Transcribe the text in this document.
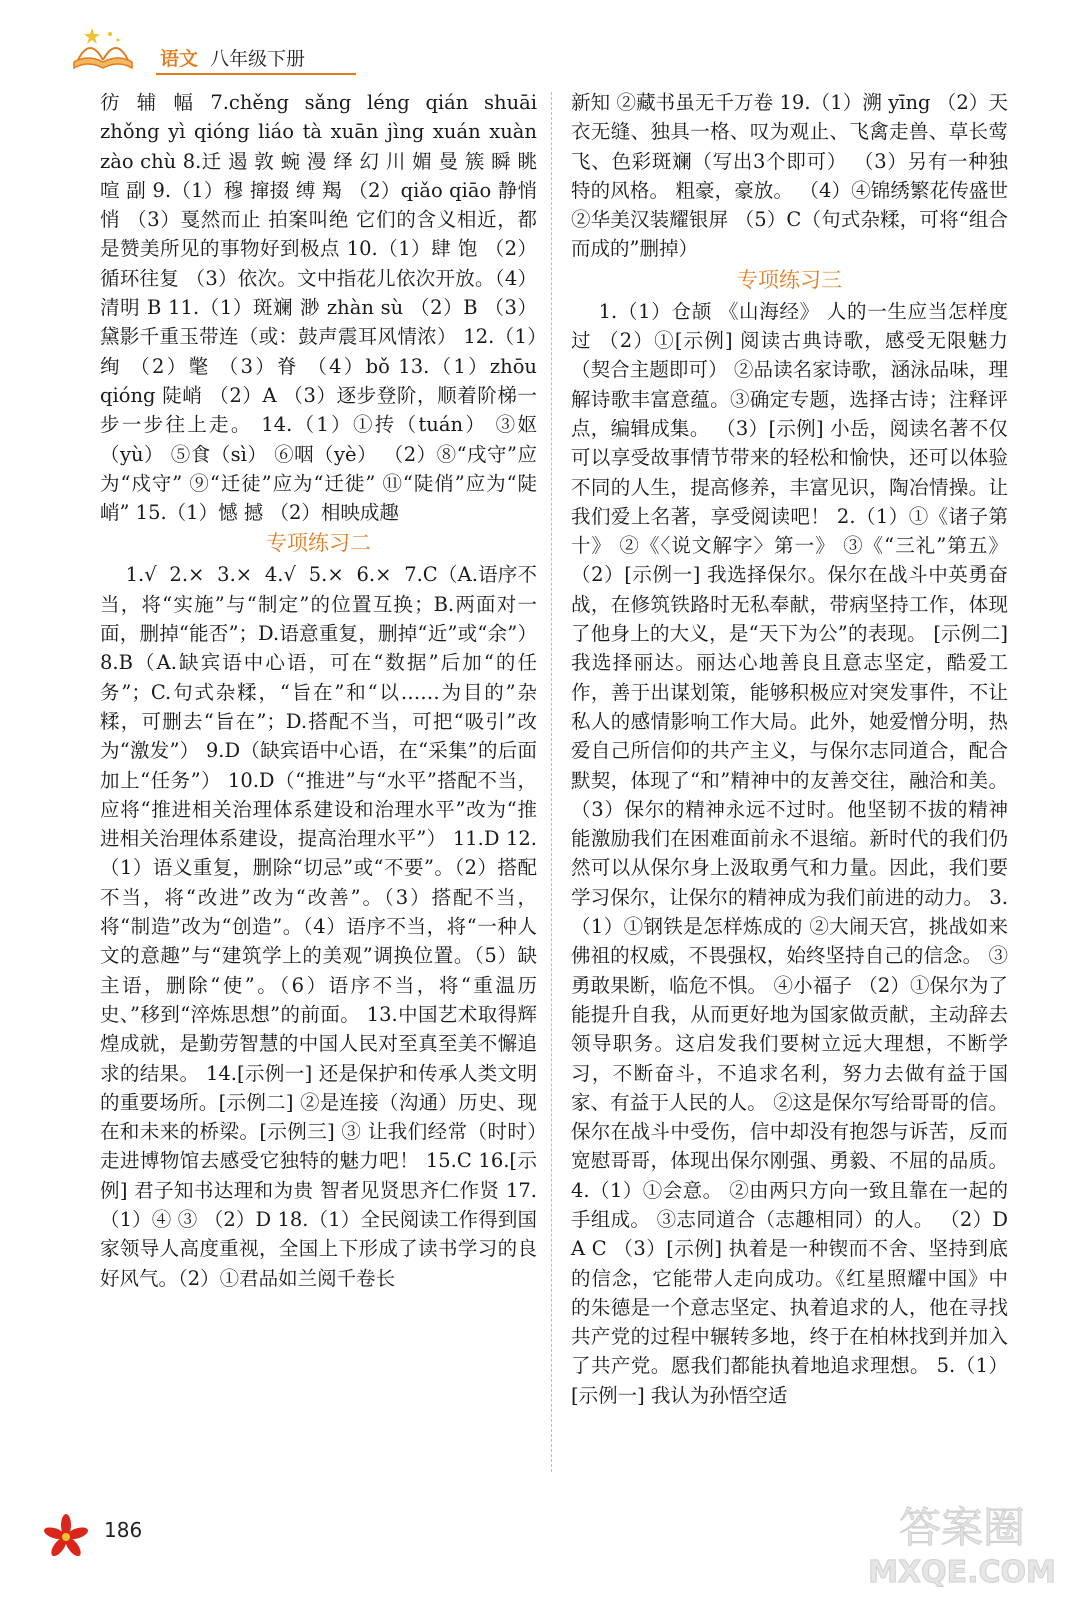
语文 八年级下册

彷  辅  幅  7.chěng  sǎng  léng  qián  shuāi zhǒng yì qióng liáo tà xuān jìng xuán xuàn zào chù 8.迁 遏 敦 蜿 漫 绎 幻 川 媚 曼 簇 瞬 眺 喧 副 9.（1）穆 撺掇 缚 羯 （2）qiǎo qiāo 静悄悄 （3）戛然而止 拍案叫绝 它们的含义相近，都是赞美所见的事物好到极点 10.（1）肆 饱 （2）循环往复 （3）依次。文中指花儿依次开放。（4）清明 B 11.（1）斑斓 渺 zhàn sù （2）B （3）黛影千重玉带连（或：鼓声震耳风情浓） 12.（1）绚 （2）氅 （3）脊 （4）bǒ 13.（1）zhōu qióng 陡峭 （2）A （3）逐步登阶，顺着阶梯一步一步往上走。 14.（1）①抟（tuán） ③妪（yù） ⑤食（sì） ⑥咽（yè） （2）⑧“戌守”应为“戍守” ⑨“迁徒”应为“迁徙” ⑪“陡俏”应为“陡峭” 15.（1）憾 撼 （2）相映成趣

专项练习二

1.√  2.×  3.×  4.√  5.×  6.×  7.C（A.语序不当，将“实施”与“制定”的位置互换；B.两面对一面，删掉“能否”；D.语意重复，删掉“近”或“余”） 8.B（A.缺宾语中心语，可在“数据”后加“的任务”；C.句式杂糅，“旨在”和“以……为目的”杂糅，可删去“旨在”；D.搭配不当，可把“吸引”改为“激发”） 9.D（缺宾语中心语，在“采集”的后面加上“任务”） 10.D（“推进”与“水平”搭配不当，应将“推进相关治理体系建设和治理水平”改为“推进相关治理体系建设，提高治理水平”） 11.D 12.（1）语义重复，删除“切忌”或“不要”。（2）搭配不当，将“改进”改为“改善”。（3）搭配不当，将“制造”改为“创造”。（4）语序不当，将“一种人文的意趣”与“建筑学上的美观”调换位置。（5）缺主语，删除“使”。（6）语序不当，将“重温历史、”移到“淬炼思想”的前面。 13.中国艺术取得辉煌成就，是勤劳智慧的中国人民对至真至美不懈追求的结果。 14.[示例一] 还是保护和传承人类文明的重要场所。[示例二] ②是连接（沟通）历史、现在和未来的桥梁。[示例三] ③ 让我们经常（时时）走进博物馆去感受它独特的魅力吧！ 15.C 16.[示例] 君子知书达理和为贵 智者见贤思齐仁作贤 17.（1）④ ③ （2）D 18.（1）全民阅读工作得到国家领导人高度重视，全国上下形成了读书学习的良好风气。（2）①君品如兰阅千卷长

新知 ②藏书虽无千万卷 19.（1）溯 yīng （2）天衣无缝、独具一格、叹为观止、飞禽走兽、草长莺飞、色彩斑斓（写出3个即可） （3）另有一种独特的风格。 粗豪，豪放。 （4）④锦绣繁花传盛世 ②华美汉装耀银屏 （5）C（句式杂糅，可将“组合而成的”删掉）

专项练习三

1.（1）仓颉 《山海经》 人的一生应当怎样度过 （2）①[示例] 阅读古典诗歌，感受无限魅力（契合主题即可） ②品读名家诗歌，涵泳品味，理解诗歌丰富意蕴。③确定专题，选择古诗；注释评点，编辑成集。 （3）[示例] 小岳，阅读名著不仅可以享受故事情节带来的轻松和愉快，还可以体验不同的人生，提高修养，丰富见识，陶冶情操。让我们爱上名著，享受阅读吧！ 2.（1）①《诸子第十》 ②《〈说文解字〉第一》 ③《“三礼”第五》 （2）[示例一] 我选择保尔。保尔在战斗中英勇奋战，在修筑铁路时无私奉献，带病坚持工作，体现了他身上的大义，是“天下为公”的表现。 [示例二] 我选择丽达。丽达心地善良且意志坚定，酷爱工作，善于出谋划策，能够积极应对突发事件，不让私人的感情影响工作大局。此外，她爱憎分明，热爱自己所信仰的共产主义，与保尔志同道合，配合默契，体现了“和”精神中的友善交往，融洽和美。 （3）保尔的精神永远不过时。他坚韧不拔的精神能激励我们在困难面前永不退缩。新时代的我们仍然可以从保尔身上汲取勇气和力量。因此，我们要学习保尔，让保尔的精神成为我们前进的动力。 3.（1）①钢铁是怎样炼成的 ②大闹天宫，挑战如来佛祖的权威，不畏强权，始终坚持自己的信念。 ③勇敢果断，临危不惧。 ④小福子 （2）①保尔为了能提升自我，从而更好地为国家做贡献，主动辞去领导职务。这启发我们要树立远大理想，不断学习，不断奋斗，不追求名利，努力去做有益于国家、有益于人民的人。 ②这是保尔写给哥哥的信。保尔在战斗中受伤，信中却没有抱怨与诉苦，反而宽慰哥哥，体现出保尔刚强、勇毅、不屈的品质。 4.（1）①会意。 ②由两只方向一致且靠在一起的手组成。 ③志同道合（志趣相同）的人。 （2）D A C （3）[示例] 执着是一种锲而不舍、坚持到底的信念，它能带人走向成功。《红星照耀中国》中的朱德是一个意志坚定、执着追求的人，他在寻找共产党的过程中辗转多地，终于在柏林找到并加入了共产党。愿我们都能执着地追求理想。 5.（1）[示例一] 我认为孙悟空适

186	答案圈
MXQE.COM
